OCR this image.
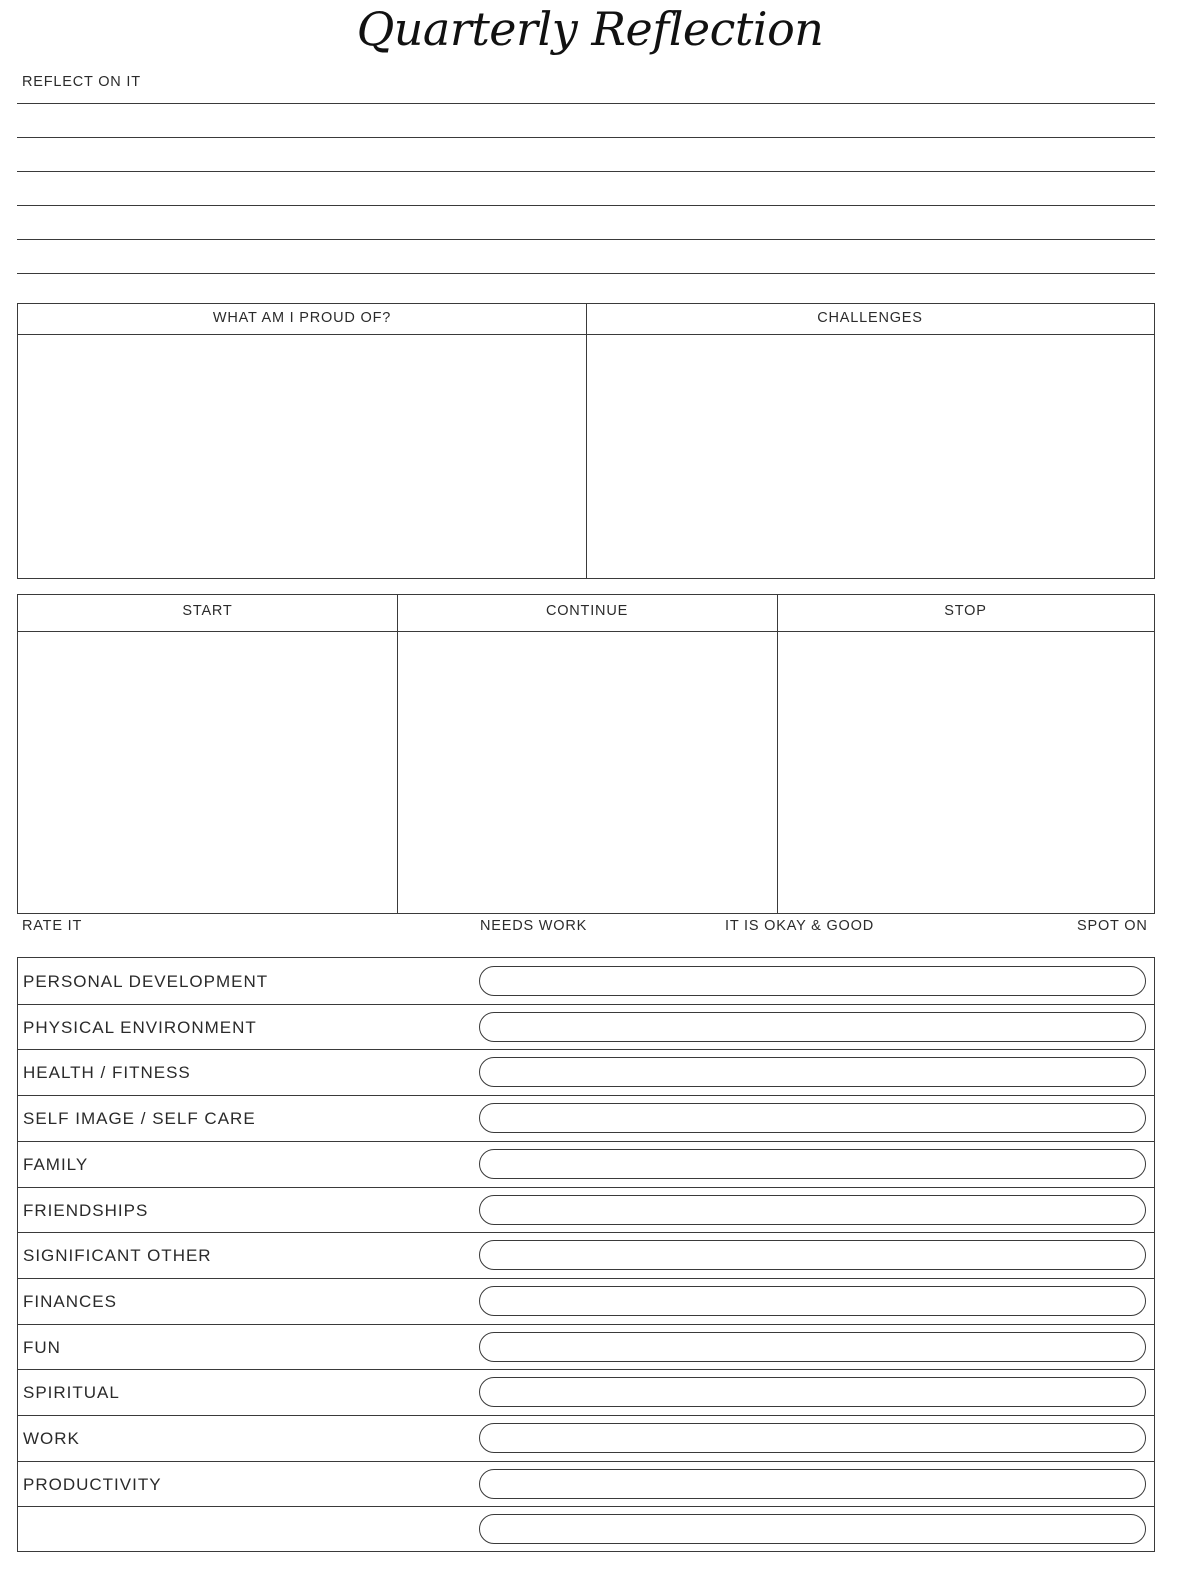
Quarterly Reflection
REFLECT ON IT
WHAT AM I PROUD OF?	CHALLENGES
START	CONTINUE	STOP
RATE IT	NEEDS WORK	IT IS OKAY & GOOD	SPOT ON
PERSONAL DEVELOPMENT
PHYSICAL ENVIRONMENT
HEALTH / FITNESS
SELF IMAGE / SELF CARE
FAMILY
FRIENDSHIPS
SIGNIFICANT OTHER
FINANCES
FUN
SPIRITUAL
WORK
PRODUCTIVITY
